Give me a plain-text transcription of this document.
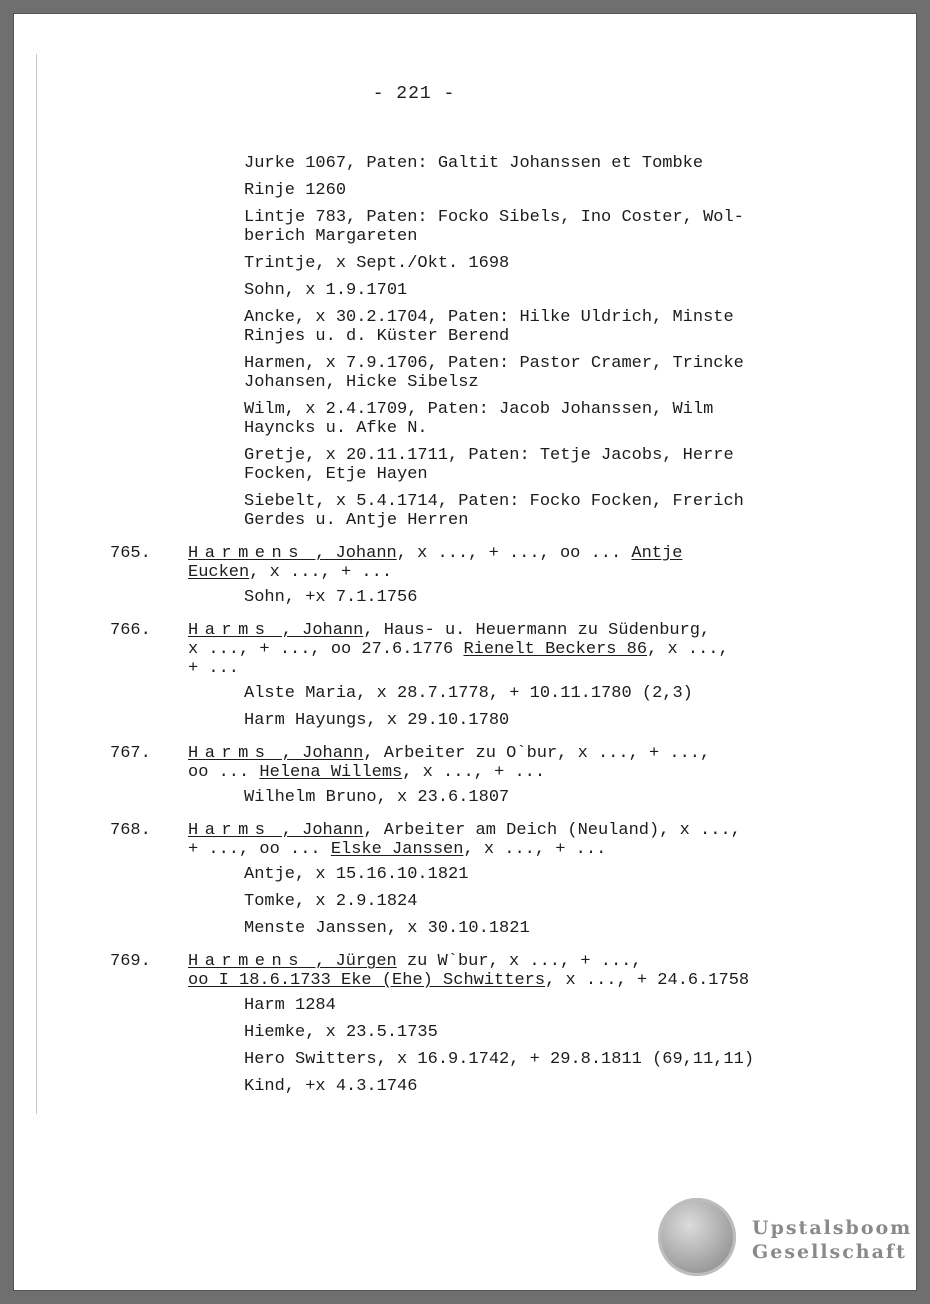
- 221 -
Jurke 1067, Paten: Galtit Johanssen et Tombke
Rinje 1260
Lintje 783, Paten: Focko Sibels, Ino Coster, Wol-
berich Margareten
Trintje, x Sept./Okt. 1698
Sohn, x 1.9.1701
Ancke, x 30.2.1704, Paten: Hilke Uldrich, Minste
Rinjes u. d. Küster Berend
Harmen, x 7.9.1706, Paten: Pastor Cramer, Trincke
Johansen, Hicke Sibelsz
Wilm, x 2.4.1709, Paten: Jacob Johanssen, Wilm
Hayncks u. Afke N.
Gretje, x 20.11.1711, Paten: Tetje Jacobs, Herre
Focken, Etje Hayen
Siebelt, x 5.4.1714, Paten: Focko Focken, Frerich
Gerdes u. Antje Herren
765. Harmens , Johann, x ..., + ..., oo ... Antje
Eucken, x ..., + ...
Sohn, +x 7.1.1756
766. Harms , Johann, Haus- u. Heuermann zu Südenburg,
x ..., + ..., oo 27.6.1776 Rienelt Beckers 86, x ...,
+ ...
Alste Maria, x 28.7.1778, + 10.11.1780 (2,3)
Harm Hayungs, x 29.10.1780
767. Harms , Johann, Arbeiter zu O`bur, x ..., + ...,
oo ... Helena Willems, x ..., + ...
Wilhelm Bruno, x 23.6.1807
768. Harms , Johann, Arbeiter am Deich (Neuland), x ...,
+ ..., oo ... Elske Janssen, x ..., + ...
Antje, x 15.16.10.1821
Tomke, x 2.9.1824
Menste Janssen, x 30.10.1821
769. Harmens , Jürgen zu W`bur, x ..., + ...,
oo I 18.6.1733 Eke (Ehe) Schwitters, x ..., + 24.6.1758
Harm 1284
Hiemke, x 23.5.1735
Hero Switters, x 16.9.1742, + 29.8.1811 (69,11,11)
Kind, +x 4.3.1746
Upstalsboom
Gesellschaft
